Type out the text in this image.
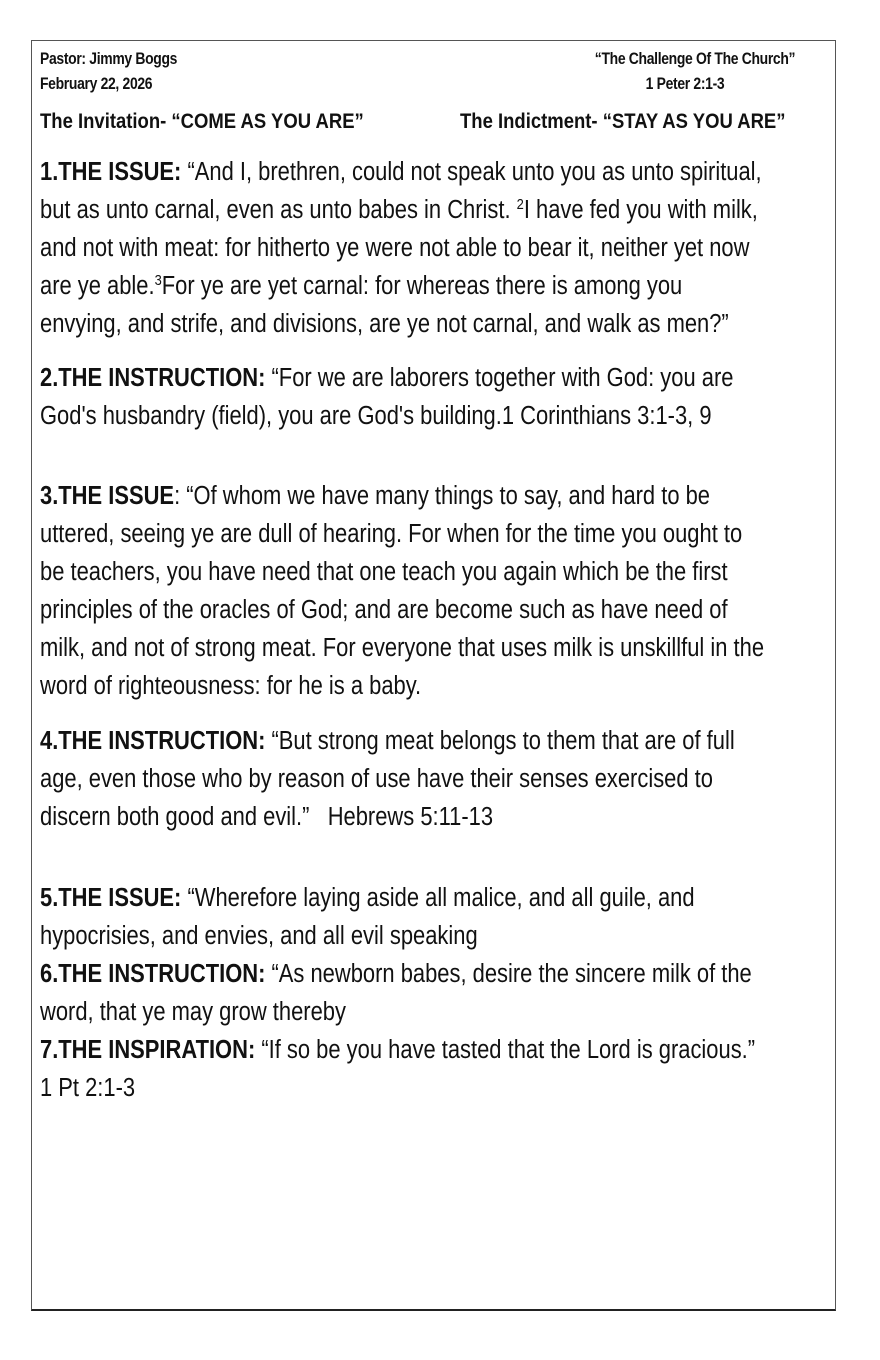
Pastor: Jimmy Boggs
February 22, 2026
“The Challenge Of The Church”
1 Peter 2:1-3
The Invitation- “COME AS YOU ARE”	The Indictment- “STAY AS YOU ARE”
1.THE ISSUE: “And I, brethren, could not speak unto you as unto spiritual,
but as unto carnal, even as unto babes in Christ. $^2$I have fed you with milk,
and not with meat: for hitherto ye were not able to bear it, neither yet now
are ye able.$^3$For ye are yet carnal: for whereas there is among you
envying, and strife, and divisions, are ye not carnal, and walk as men?”
2.THE INSTRUCTION: “For we are laborers together with God: you are
God's husbandry (field), you are God's building.1 Corinthians 3:1-3, 9
3.THE ISSUE: “Of whom we have many things to say, and hard to be
uttered, seeing ye are dull of hearing. For when for the time you ought to
be teachers, you have need that one teach you again which be the first
principles of the oracles of God; and are become such as have need of
milk, and not of strong meat. For everyone that uses milk is unskillful in the
word of righteousness: for he is a baby.
4.THE INSTRUCTION: “But strong meat belongs to them that are of full
age, even those who by reason of use have their senses exercised to
discern both good and evil.”   Hebrews 5:11-13
5.THE ISSUE: “Wherefore laying aside all malice, and all guile, and
hypocrisies, and envies, and all evil speaking
6.THE INSTRUCTION: “As newborn babes, desire the sincere milk of the
word, that ye may grow thereby
7.THE INSPIRATION: “If so be you have tasted that the Lord is gracious.”
1 Pt 2:1-3
